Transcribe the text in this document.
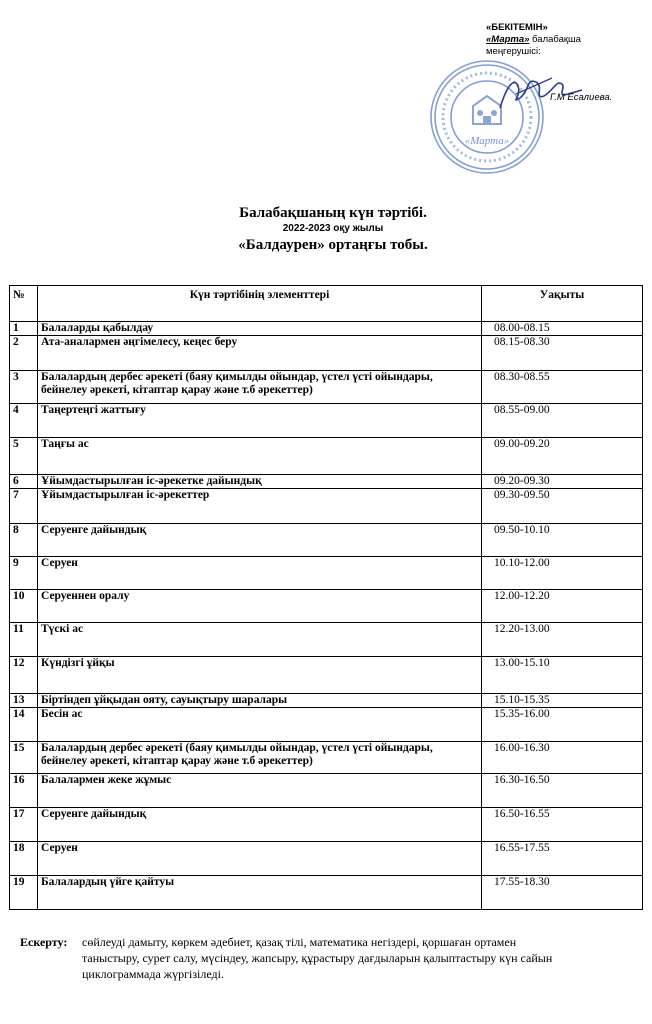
«Марта»
«БЕКІТЕМІН»
«Марта» балабақша
меңгерушісі:
Г.М Есалиева.
Балабақшаның күн тәртібі.
2022-2023 оқу жылы
«Балдаурен» ортаңғы тобы.
№	Күн тәртібінің элементтері	Уақыты
1	Балаларды қабылдау	08.00-08.15
2	Ата-аналармен әңгімелесу, кеңес беру	08.15-08.30
3	Балалардың дербес әрекеті (баяу қимылды ойындар, үстел үсті ойындары, бейнелеу әрекеті, кітаптар қарау және т.б әрекеттер)	08.30-08.55
4	Таңертеңгі жаттығу	08.55-09.00
5	Таңғы ас	09.00-09.20
6	Ұйымдастырылған іс-әрекетке дайындық	09.20-09.30
7	Ұйымдастырылған іс-әрекеттер	09.30-09.50
8	Серуенге дайындық	09.50-10.10
9	Серуен	10.10-12.00
10	Серуеннен оралу	12.00-12.20
11	Түскі ас	12.20-13.00
12	Күндізгі ұйқы	13.00-15.10
13	Біртіндеп ұйқыдан ояту, сауықтыру шаралары	15.10-15.35
14	Бесін ас	15.35-16.00
15	Балалардың дербес әрекеті (баяу қимылды ойындар, үстел үсті ойындары, бейнелеу әрекеті, кітаптар қарау және т.б әрекеттер)	16.00-16.30
16	Балалармен жеке жұмыс	16.30-16.50
17	Серуенге дайындық	16.50-16.55
18	Серуен	16.55-17.55
19	Балалардың үйге қайтуы	17.55-18.30
Ескерту: сөйлеуді дамыту, көркем әдебиет, қазақ тілі, математика негіздері, қоршаған ортамен таныстыру, сурет салу, мүсіндеу, жапсыру, құрастыру дағдыларын қалыптастыру күн сайын циклограммада жүргізіледі.
